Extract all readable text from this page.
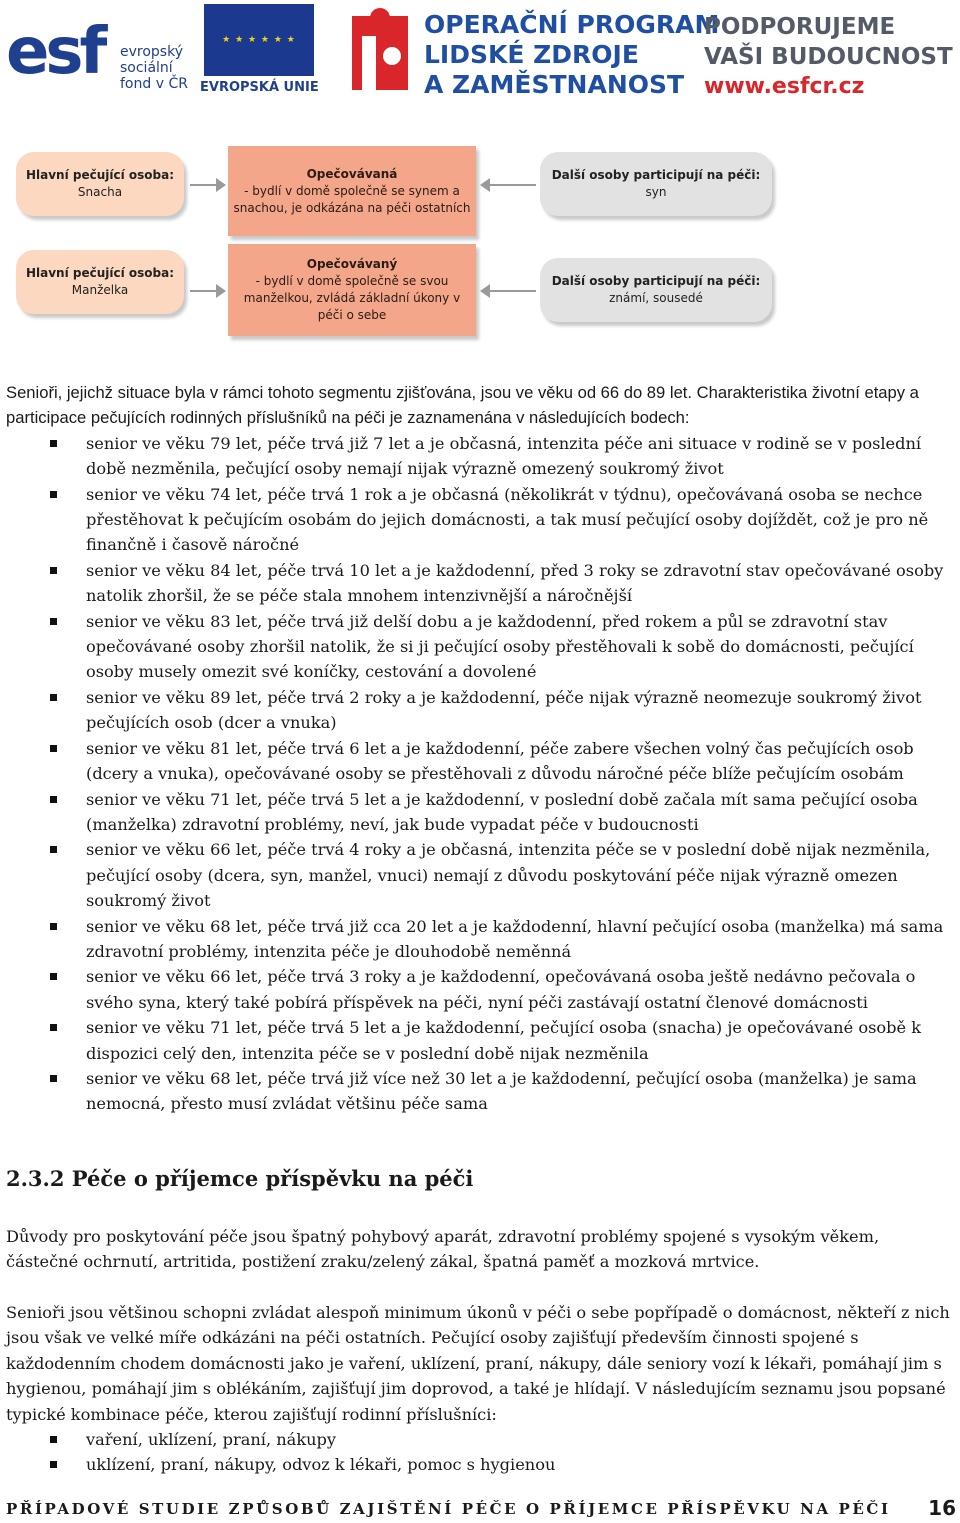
esf evropský
sociální
fond v ČR
★ ★ ★ ★ ★ ★
EVROPSKÁ UNIE
OPERAČNÍ PROGRAM
LIDSKÉ ZDROJE
A ZAMĚSTNANOST
PODPORUJEME
VAŠI BUDOUCNOST
www.esfcr.cz
Hlavní pečující osoba:
Snacha
Opečovávaná
- bydlí v domě společně se synem a
snachou, je odkázána na péči ostatních
Další osoby participují na péči:
syn
Hlavní pečující osoba:
Manželka
Opečovávaný
- bydlí v domě společně se svou
manželkou, zvládá základní úkony v
péči o sebe
Další osoby participují na péči:
známí, sousedé

Senioři, jejichž situace byla v rámci tohoto segmentu zjišťována, jsou ve věku od 66 do 89 let. Charakteristika životní etapy a participace pečujících rodinných příslušníků na péči je zaznamenána v následujících bodech:

senior ve věku 79 let, péče trvá již 7 let a je občasná, intenzita péče ani situace v rodině se v poslední době nezměnila, pečující osoby nemají nijak výrazně omezený soukromý život
senior ve věku 74 let, péče trvá 1 rok a je občasná (několikrát v týdnu), opečovávaná osoba se nechce přestěhovat k pečujícím osobám do jejich domácnosti, a tak musí pečující osoby dojíždět, což je pro ně finančně i časově náročné
senior ve věku 84 let, péče trvá 10 let a je každodenní, před 3 roky se zdravotní stav opečovávané osoby natolik zhoršil, že se péče stala mnohem intenzivnější a náročnější
senior ve věku 83 let, péče trvá již delší dobu a je každodenní, před rokem a půl se zdravotní stav opečovávané osoby zhoršil natolik, že si ji pečující osoby přestěhovali k sobě do domácnosti, pečující osoby musely omezit své koníčky, cestování a dovolené
senior ve věku 89 let, péče trvá 2 roky a je každodenní, péče nijak výrazně neomezuje soukromý život pečujících osob (dcer a vnuka)
senior ve věku 81 let, péče trvá 6 let a je každodenní, péče zabere všechen volný čas pečujících osob (dcery a vnuka), opečovávané osoby se přestěhovali z důvodu náročné péče blíže pečujícím osobám
senior ve věku 71 let, péče trvá 5 let a je každodenní, v poslední době začala mít sama pečující osoba (manželka) zdravotní problémy, neví, jak bude vypadat péče v budoucnosti
senior ve věku 66 let, péče trvá 4 roky a je občasná, intenzita péče se v poslední době nijak nezměnila, pečující osoby (dcera, syn, manžel, vnuci) nemají z důvodu poskytování péče nijak výrazně omezen soukromý život
senior ve věku 68 let, péče trvá již cca 20 let a je každodenní, hlavní pečující osoba (manželka) má sama zdravotní problémy, intenzita péče je dlouhodobě neměnná
senior ve věku 66 let, péče trvá 3 roky a je každodenní, opečovávaná osoba ještě nedávno pečovala o svého syna, který také pobírá příspěvek na péči, nyní péči zastávají ostatní členové domácnosti
senior ve věku 71 let, péče trvá 5 let a je každodenní, pečující osoba (snacha) je opečovávané osobě k dispozici celý den, intenzita péče se v poslední době nijak nezměnila
senior ve věku 68 let, péče trvá již více než 30 let a je každodenní, pečující osoba (manželka) je sama nemocná, přesto musí zvládat většinu péče sama
2.3.2 Péče o příjemce příspěvku na péči

Důvody pro poskytování péče jsou špatný pohybový aparát, zdravotní problémy spojené s vysokým věkem, částečné ochrnutí, artritida, postižení zraku/zelený zákal, špatná paměť a mozková mrtvice.

Senioři jsou většinou schopni zvládat alespoň minimum úkonů v péči o sebe popřípadě o domácnost, někteří z nich jsou však ve velké míře odkázáni na péči ostatních. Pečující osoby zajišťují především činnosti spojené s každodenním chodem domácnosti jako je vaření, uklízení, praní, nákupy, dále seniory vozí k lékaři, pomáhají jim s hygienou, pomáhají jim s oblékáním, zajišťují jim doprovod, a také je hlídají. V následujícím seznamu jsou popsané typické kombinace péče, kterou zajišťují rodinní příslušníci:

vaření, uklízení, praní, nákupy
uklízení, praní, nákupy, odvoz k lékaři, pomoc s hygienou
PŘÍPADOVÉ STUDIE ZPŮSOBŮ ZAJIŠTĚNÍ PÉČE O PŘÍJEMCE PŘÍSPĚVKU NA PÉČI 16
